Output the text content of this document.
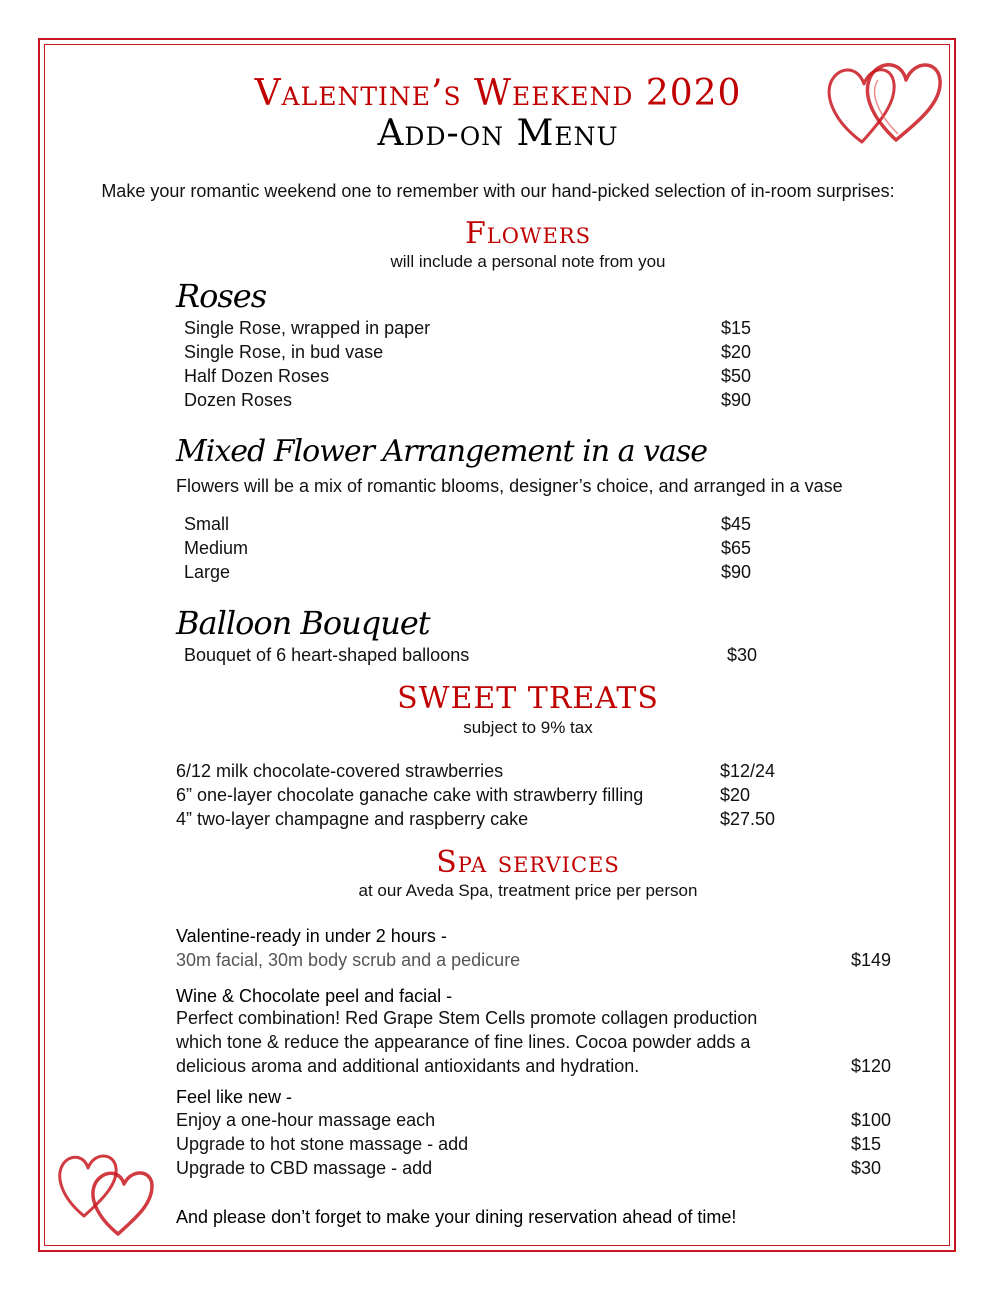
Valentine’s Weekend 2020
Add-on Menu
Make your romantic weekend one to remember with our hand-picked selection of in-room surprises:
Flowers
will include a personal note from you
Roses
Single Rose, wrapped in paper	$15
Single Rose, in bud vase	$20
Half Dozen Roses	$50
Dozen Roses	$90
Mixed Flower Arrangement in a vase
Flowers will be a mix of romantic blooms, designer’s choice, and arranged in a vase
Small	$45
Medium	$65
Large	$90
Balloon Bouquet
Bouquet of 6 heart-shaped balloons	$30
SWEET TREATS
subject to 9% tax
6/12 milk chocolate-covered strawberries	$12/24
6” one-layer chocolate ganache cake with strawberry filling	$20
4” two-layer champagne and raspberry cake	$27.50
Spa services
at our Aveda Spa, treatment price per person
Valentine-ready in under 2 hours -
30m facial, 30m body scrub and a pedicure	$149
Wine & Chocolate peel and facial -
Perfect combination! Red Grape Stem Cells promote collagen production
which tone & reduce the appearance of fine lines. Cocoa powder adds a
delicious aroma and additional antioxidants and hydration.	$120
Feel like new -
Enjoy a one-hour massage each	$100
Upgrade to hot stone massage - add	$15
Upgrade to CBD massage - add	$30
And please don’t forget to make your dining reservation ahead of time!
